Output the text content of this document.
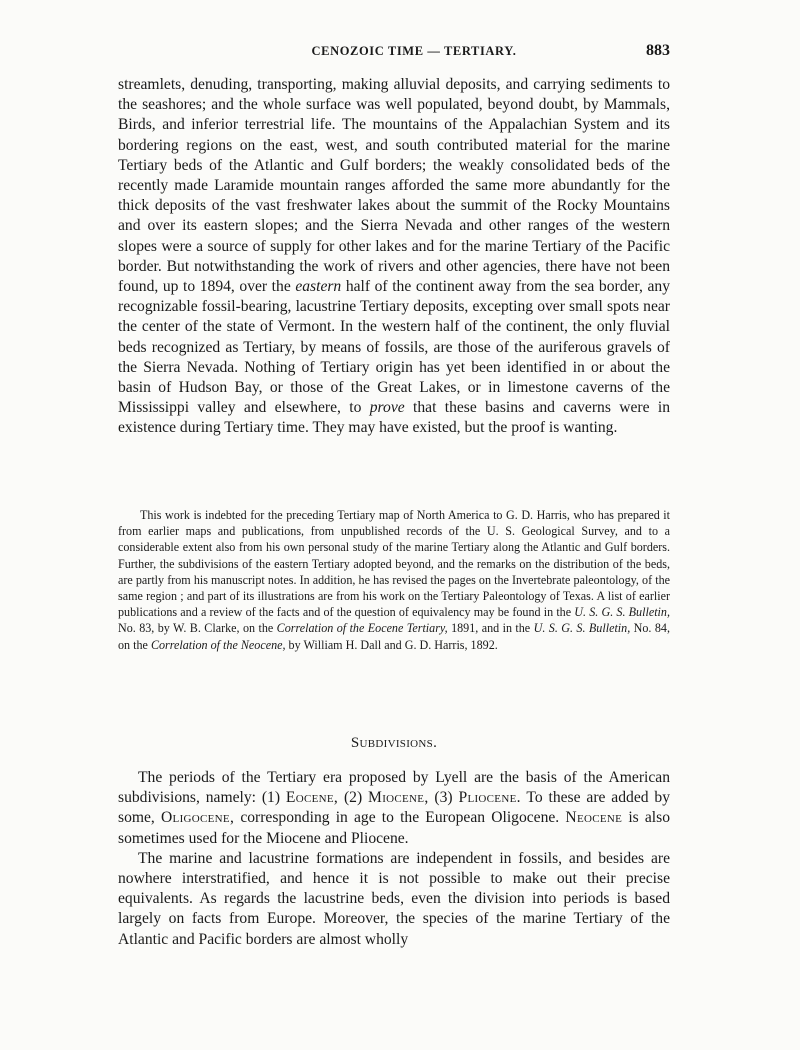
CENOZOIC TIME — TERTIARY.	883

streamlets, denuding, transporting, making alluvial deposits, and carrying sediments to the seashores; and the whole surface was well populated, beyond doubt, by Mammals, Birds, and inferior terrestrial life. The mountains of the Appalachian System and its bordering regions on the east, west, and south contributed material for the marine Tertiary beds of the Atlantic and Gulf borders; the weakly consolidated beds of the recently made Laramide mountain ranges afforded the same more abundantly for the thick deposits of the vast freshwater lakes about the summit of the Rocky Mountains and over its eastern slopes; and the Sierra Nevada and other ranges of the western slopes were a source of supply for other lakes and for the marine Tertiary of the Pacific border. But notwithstanding the work of rivers and other agencies, there have not been found, up to 1894, over the eastern half of the continent away from the sea border, any recognizable fossil-bearing, lacustrine Tertiary deposits, excepting over small spots near the center of the state of Vermont. In the western half of the continent, the only fluvial beds recognized as Tertiary, by means of fossils, are those of the auriferous gravels of the Sierra Nevada. Nothing of Tertiary origin has yet been identified in or about the basin of Hudson Bay, or those of the Great Lakes, or in limestone caverns of the Mississippi valley and elsewhere, to prove that these basins and caverns were in existence during Tertiary time. They may have existed, but the proof is wanting.

This work is indebted for the preceding Tertiary map of North America to G. D. Harris, who has prepared it from earlier maps and publications, from unpublished records of the U. S. Geological Survey, and to a considerable extent also from his own personal study of the marine Tertiary along the Atlantic and Gulf borders. Further, the subdivisions of the eastern Tertiary adopted beyond, and the remarks on the distribution of the beds, are partly from his manuscript notes. In addition, he has revised the pages on the Invertebrate paleontology, of the same region ; and part of its illustrations are from his work on the Tertiary Paleontology of Texas. A list of earlier publications and a review of the facts and of the question of equivalency may be found in the U. S. G. S. Bulletin, No. 83, by W. B. Clarke, on the Correlation of the Eocene Tertiary, 1891, and in the U. S. G. S. Bulletin, No. 84, on the Correlation of the Neocene, by William H. Dall and G. D. Harris, 1892.

Subdivisions.

The periods of the Tertiary era proposed by Lyell are the basis of the American subdivisions, namely: (1) Eocene, (2) Miocene, (3) Pliocene. To these are added by some, Oligocene, corresponding in age to the European Oligocene. Neocene is also sometimes used for the Miocene and Pliocene.

The marine and lacustrine formations are independent in fossils, and besides are nowhere interstratified, and hence it is not possible to make out their precise equivalents. As regards the lacustrine beds, even the division into periods is based largely on facts from Europe. Moreover, the species of the marine Tertiary of the Atlantic and Pacific borders are almost wholly
